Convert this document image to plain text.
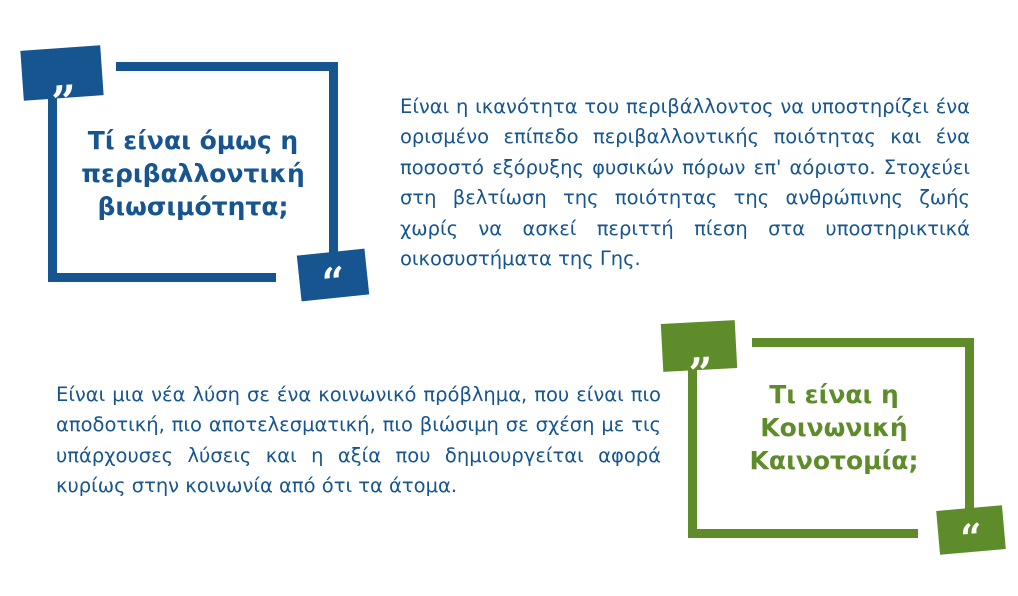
“
“
Τί είναι όμως η περιβαλλοντική βιωσιμότητα;
Είναι η ικανότητα του περιβάλλοντος να υποστηρίζει ένα ορισμένο επίπεδο περιβαλλοντικής ποιότητας και ένα ποσοστό εξόρυξης φυσικών πόρων επ' αόριστο. Στοχεύει στη βελτίωση της ποιότητας της ανθρώπινης ζωής χωρίς να ασκεί περιττή πίεση στα υποστηρικτικά οικοσυστήματα της Γης.
“
“
Τι είναι η Κοινωνική Καινοτομία;
Είναι μια νέα λύση σε ένα κοινωνικό πρόβλημα, που είναι πιο αποδοτική, πιο αποτελεσματική, πιο βιώσιμη σε σχέση με τις υπάρχουσες λύσεις και η αξία που δημιουργείται αφορά κυρίως στην κοινωνία από ότι τα άτομα.
